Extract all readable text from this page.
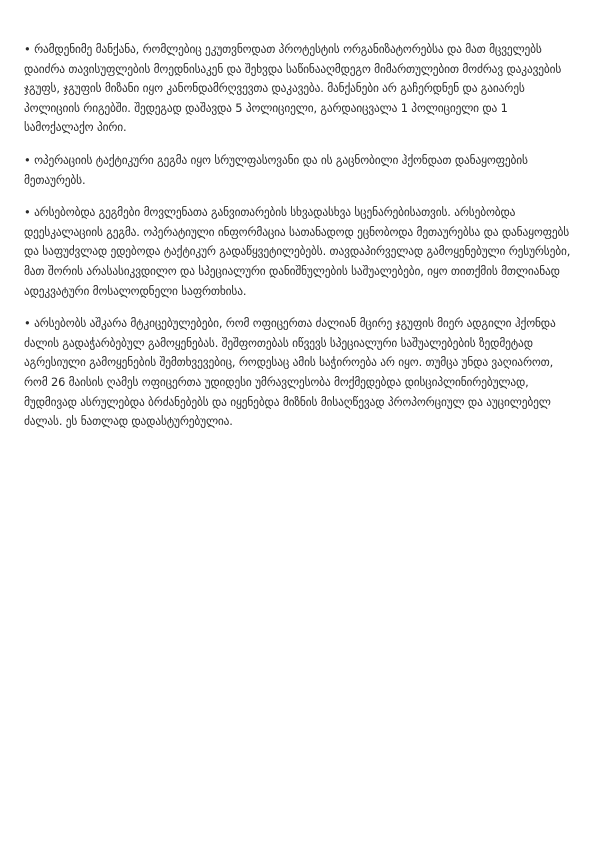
• რამდენიმე მანქანა, რომლებიც ეკუთვნოდათ პროტესტის ორგანიზატორებსა და მათ მცველებს დაიძრა თავისუფლების მოედნისაკენ და შეხვდა საწინააღმდეგო მიმართულებით მოძრავ დაკავების ჯგუფს, ჯგუფის მიზანი იყო კანონდამრღვევთა დაკავება. მანქანები არ გაჩერდნენ და გაიარეს პოლიციის რიგებში. შედეგად დაშავდა 5 პოლიციელი, გარდაიცვალა 1 პოლიციელი და 1 სამოქალაქო პირი.

• ოპერაციის ტაქტიკური გეგმა იყო სრულფასოვანი და ის გაცნობილი ჰქონდათ დანაყოფების მეთაურებს.

• არსებობდა გეგმები მოვლენათა განვითარების სხვადასხვა სცენარებისათვის. არსებობდა დეესკალაციის გეგმა. ოპერატიული ინფორმაცია სათანადოდ ეცნობოდა მეთაურებსა და დანაყოფებს და საფუძვლად ედებოდა ტაქტიკურ გადაწყვეტილებებს. თავდაპირველად გამოყენებული რესურსები, მათ შორის არასასიკვდილო და სპეციალური დანიშნულების საშუალებები, იყო თითქმის მთლიანად ადეკვატური მოსალოდნელი საფრთხისა.

• არსებობს აშკარა მტკიცებულებები, რომ ოფიცერთა ძალიან მცირე ჯგუფის მიერ ადგილი ჰქონდა ძალის გადაჭარბებულ გამოყენებას. შეშფოთებას იწვევს სპეციალური საშუალებების ზედმეტად აგრესიული გამოყენების შემთხვევებიც, როდესაც ამის საჭიროება არ იყო. თუმცა უნდა ვაღიაროთ, რომ 26 მაისის ღამეს ოფიცერთა უდიდესი უმრავლესობა მოქმედებდა დისციპლინირებულად, მუდმივად ასრულებდა ბრძანებებს და იყენებდა მიზნის მისაღწევად პროპორციულ და აუცილებელ ძალას. ეს ნათლად დადასტურებულია.
